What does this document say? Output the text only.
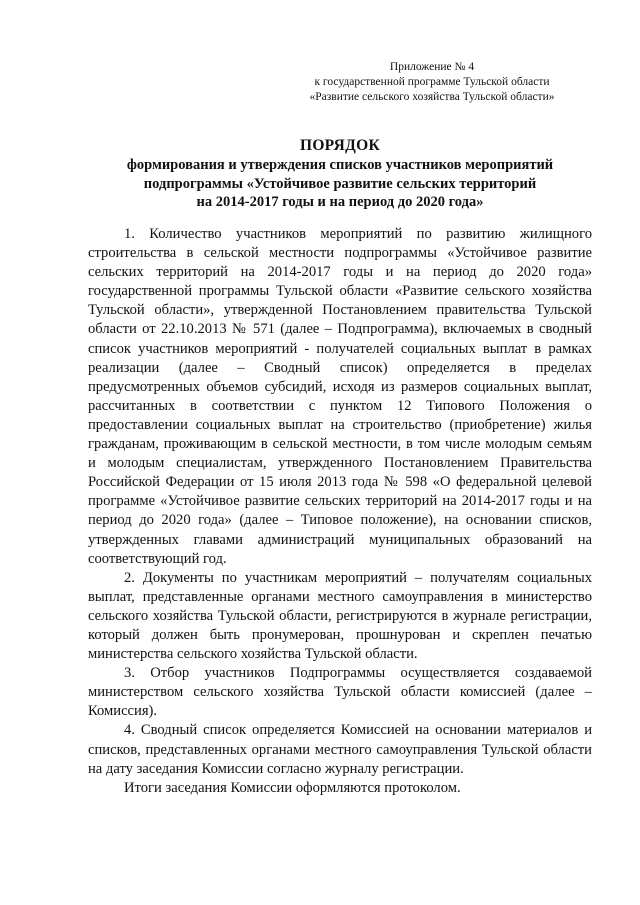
Приложение № 4
к государственной программе Тульской области
«Развитие сельского хозяйства Тульской области»
ПОРЯДОК
формирования и утверждения списков участников мероприятий
подпрограммы «Устойчивое развитие сельских территорий
на 2014-2017 годы и на период до 2020 года»

1. Количество участников мероприятий по развитию жилищного строительства в сельской местности подпрограммы «Устойчивое развитие сельских территорий на 2014-2017 годы и на период до 2020 года» государственной программы Тульской области «Развитие сельского хозяйства Тульской области», утвержденной Постановлением правительства Тульской области от 22.10.2013 № 571 (далее – Подпрограмма), включаемых в сводный список участников мероприятий - получателей социальных выплат в рамках реализации (далее – Сводный список) определяется в пределах предусмотренных объемов субсидий, исходя из размеров социальных выплат, рассчитанных в соответствии с пунктом 12 Типового Положения о предоставлении социальных выплат на строительство (приобретение) жилья гражданам, проживающим в сельской местности, в том числе молодым семьям и молодым специалистам, утвержденного Постановлением Правительства Российской Федерации от 15 июля 2013 года № 598 «О федеральной целевой программе «Устойчивое развитие сельских территорий на 2014-2017 годы и на период до 2020 года» (далее – Типовое положение), на основании списков, утвержденных главами администраций муниципальных образований на соответствующий год.

2. Документы по участникам мероприятий – получателям социальных выплат, представленные органами местного самоуправления в министерство сельского хозяйства Тульской области, регистрируются в журнале регистрации, который должен быть пронумерован, прошнурован и скреплен печатью министерства сельского хозяйства Тульской области.

3. Отбор участников Подпрограммы осуществляется создаваемой министерством сельского хозяйства Тульской области комиссией (далее – Комиссия).

4. Сводный список определяется Комиссией на основании материалов и списков, представленных органами местного самоуправления Тульской области на дату заседания Комиссии согласно журналу регистрации.

Итоги заседания Комиссии оформляются протоколом.
